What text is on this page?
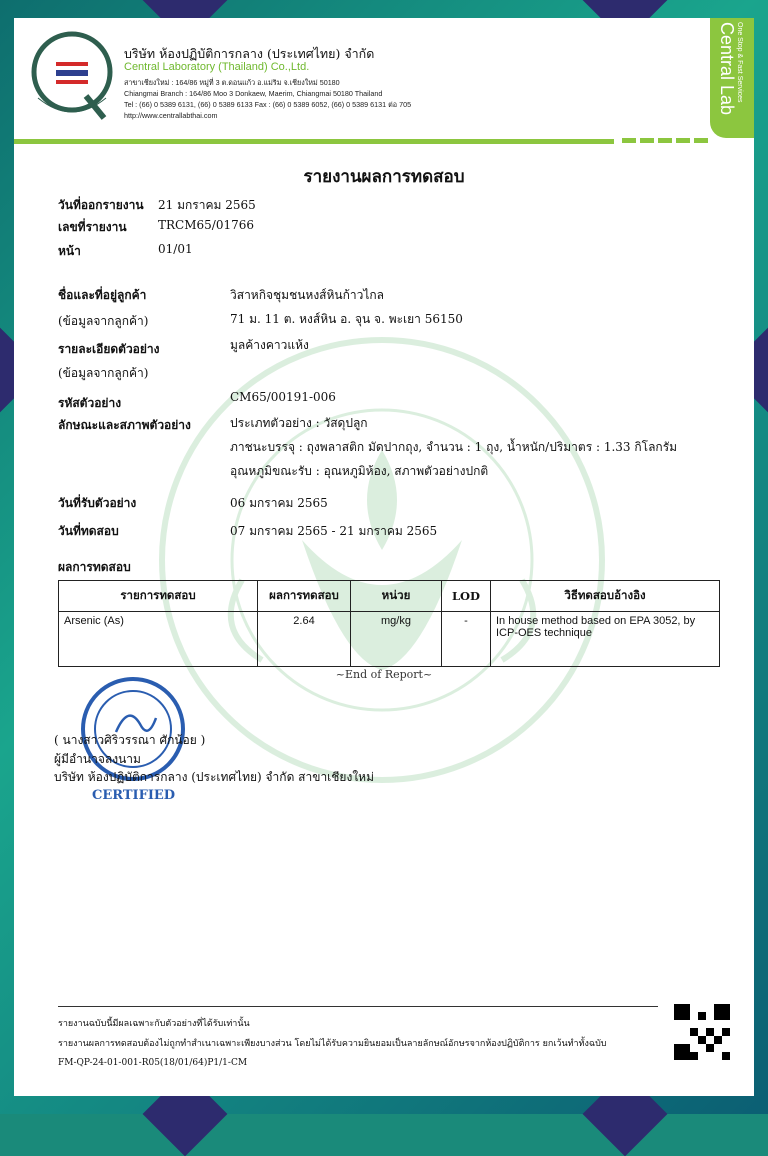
บริษัท ห้องปฏิบัติการกลาง (ประเทศไทย) จำกัด
Central Laboratory (Thailand) Co.,Ltd.
สาขาเชียงใหม่ : 164/86 หมู่ที่ 3 ต.ดอนแก้ว อ.แม่ริม จ.เชียงใหม่ 50180
Chiangmai Branch : 164/86 Moo 3 Donkaew, Maerim, Chiangmai 50180 Thailand
Tel : (66) 0 5389 6131, (66) 0 5389 6133 Fax : (66) 0 5389 6052, (66) 0 5389 6131 ต่อ 705
http://www.centrallabthai.com
Central Lab One Stop & Fast Services
รายงานผลการทดสอบ
วันที่ออกรายงาน 21 มกราคม 2565
เลขที่รายงาน	TRCM65/01766
หน้า	01/01
ชื่อและที่อยู่ลูกค้า	วิสาหกิจชุมชนหงส์หินก้าวไกล
(ข้อมูลจากลูกค้า)	71 ม. 11 ต. หงส์หิน อ. จุน จ. พะเยา 56150
รายละเอียดตัวอย่าง	มูลค้างคาวแห้ง
(ข้อมูลจากลูกค้า)
รหัสตัวอย่าง	CM65/00191-006
ลักษณะและสภาพตัวอย่าง	ประเภทตัวอย่าง : วัสดุปลูก
ภาชนะบรรจุ : ถุงพลาสติก มัดปากถุง, จำนวน : 1 ถุง, น้ำหนัก/ปริมาตร : 1.33 กิโลกรัม
อุณหภูมิขณะรับ : อุณหภูมิห้อง, สภาพตัวอย่างปกติ
วันที่รับตัวอย่าง	06 มกราคม 2565
วันที่ทดสอบ	07 มกราคม 2565 - 21 มกราคม 2565
ผลการทดสอบ
รายการทดสอบ	ผลการทดสอบ	หน่วย	LOD	วิธีทดสอบอ้างอิง
Arsenic (As)	2.64	mg/kg	-	In house method based on EPA 3052, by ICP-OES technique
~End of Report~
CERTIFIED
( นางสาวศิริวรรณา ศักน้อย )
ผู้มีอำนาจลงนาม
บริษัท ห้องปฏิบัติการกลาง (ประเทศไทย) จำกัด สาขาเชียงใหม่
รายงานฉบับนี้มีผลเฉพาะกับตัวอย่างที่ได้รับเท่านั้น
รายงานผลการทดสอบต้องไม่ถูกทำสำเนาเฉพาะเพียงบางส่วน โดยไม่ได้รับความยินยอมเป็นลายลักษณ์อักษรจากห้องปฏิบัติการ ยกเว้นทำทั้งฉบับ
FM-QP-24-01-001-R05(18/01/64)P1/1-CM
